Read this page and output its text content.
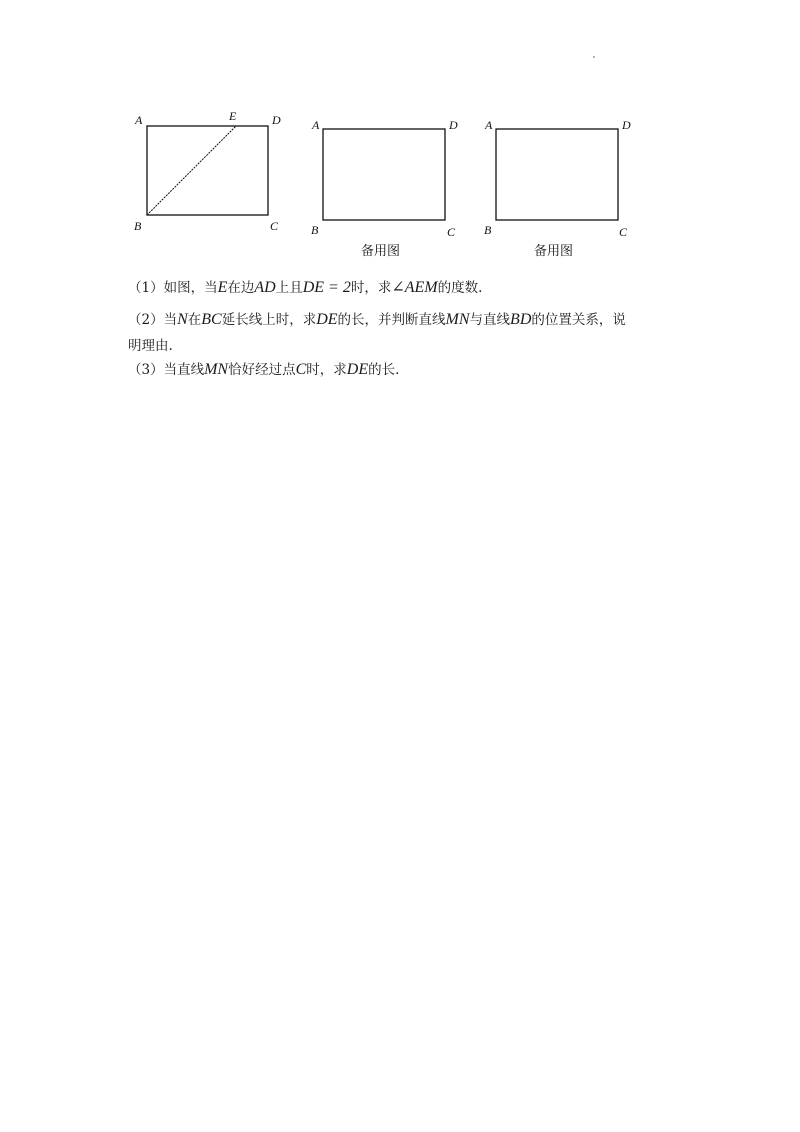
A	E	D
B	C
A	D
B	C
备用图
A	D
B	C
备用图
（1）如图，当E在边AD上且DE = 2时，求∠AEM的度数.
（2）当N在BC延长线上时，求DE的长，并判断直线MN与直线BD的位置关系，说
明理由.
（3）当直线MN恰好经过点C时，求DE的长.
